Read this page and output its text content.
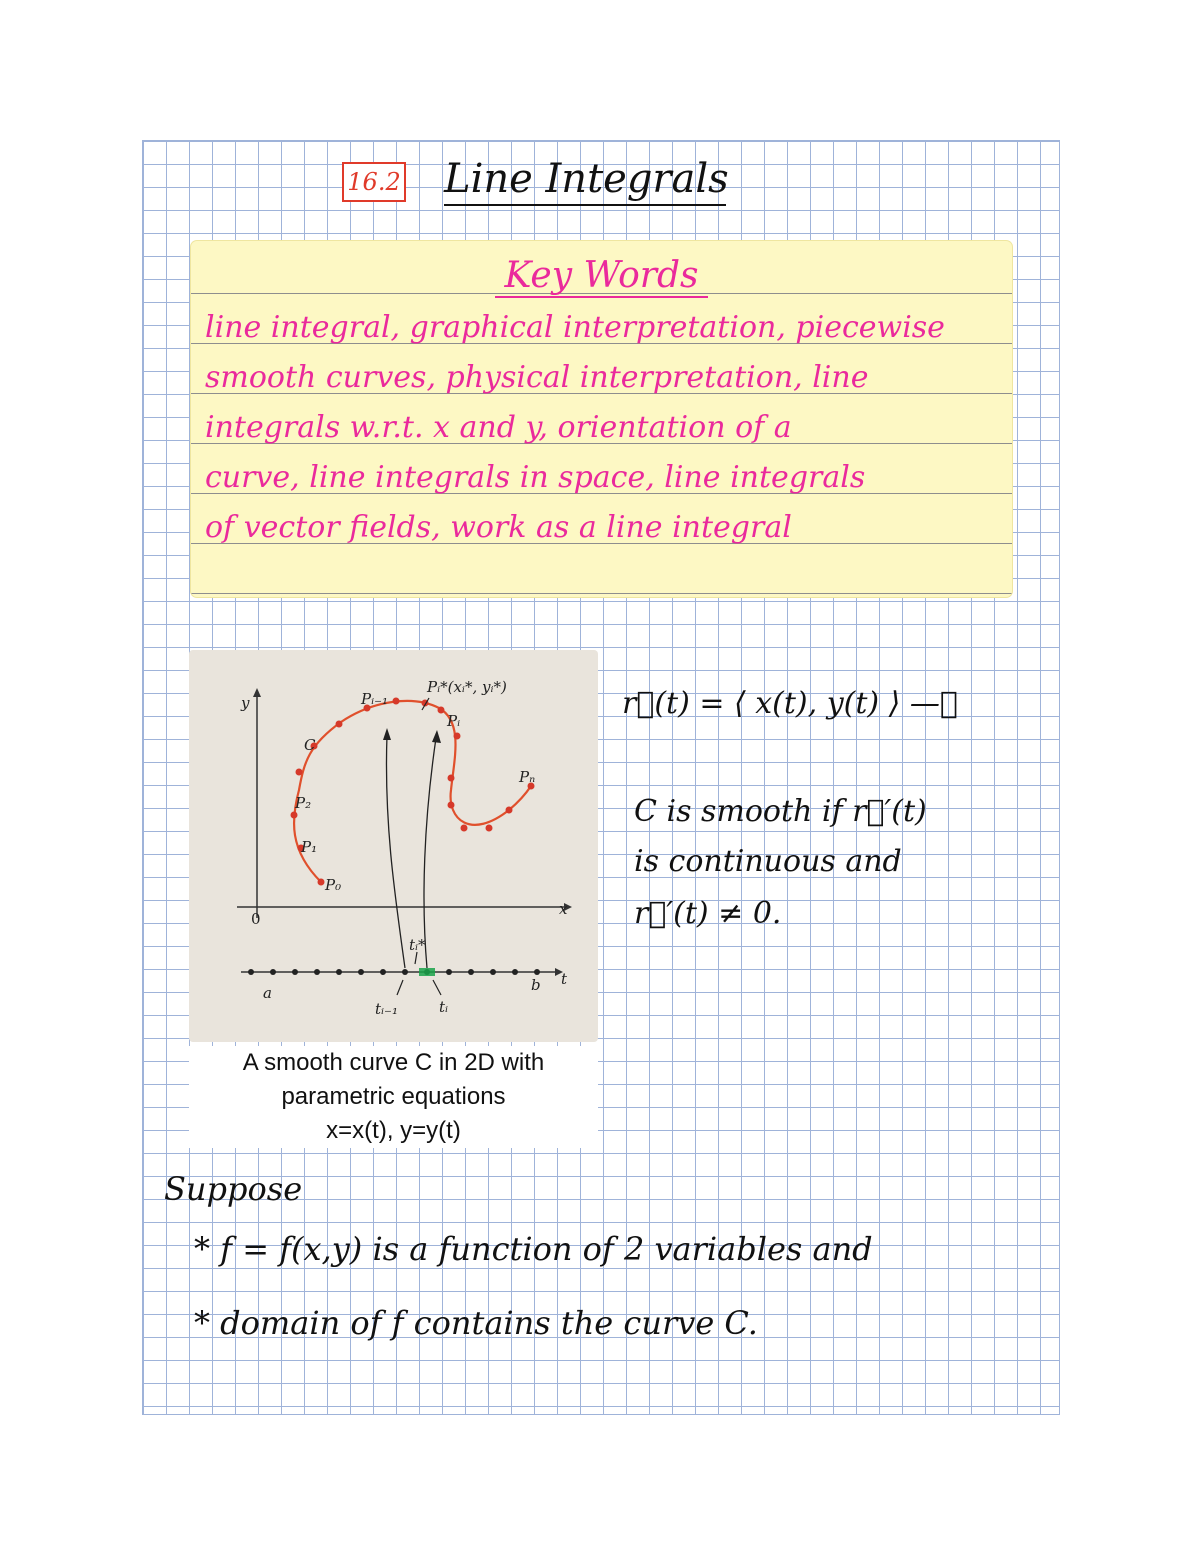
16.2 Line Integrals
Key Words
line integral, graphical interpretation, piecewise
smooth curves, physical interpretation, line
integrals w.r.t. x and y, orientation of a
curve, line integrals in space, line integrals
of vector fields, work as a line integral
y
x
0
C
P₀
P₁
P₂
Pᵢ₋₁
Pᵢ
Pₙ
Pᵢ*(xᵢ*, yᵢ*)
t
a	b
tᵢ₋₁	tᵢ
tᵢ*
A smooth curve C in 2D with
parametric equations
x=x(t), y=y(t)
r⃗(t) = ⟨ x(t), y(t) ⟩ —①
C is smooth if r⃗′(t)
is continuous and
r⃗′(t) ≠ 0.
Suppose
* f = f(x,y) is a function of 2 variables and
* domain of f contains the curve C.
